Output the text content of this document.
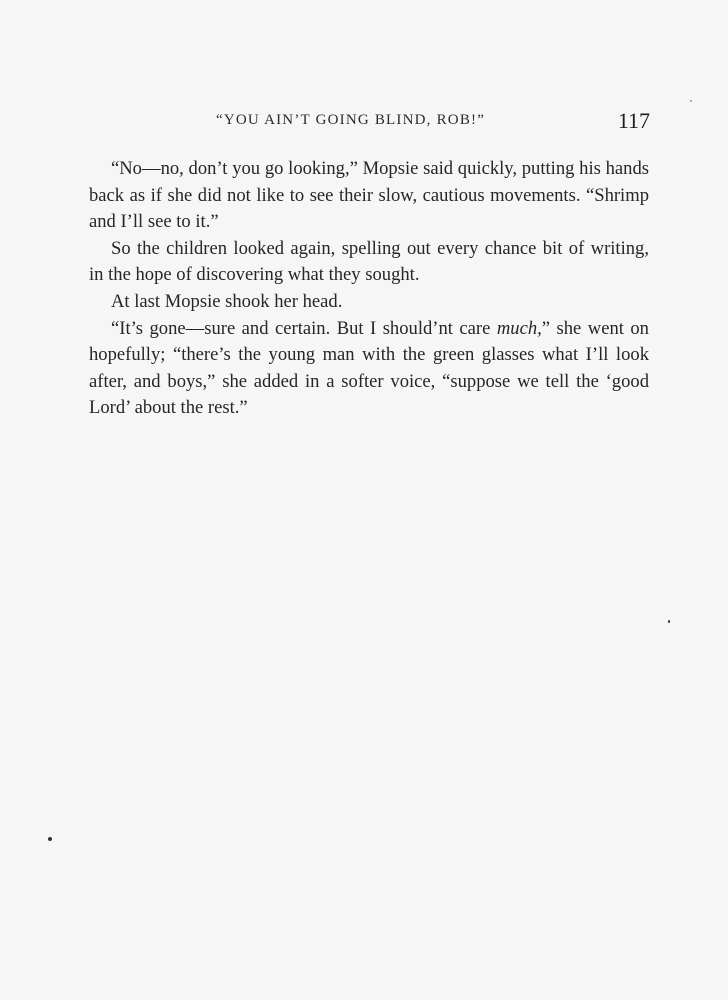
“YOU AIN’T GOING BLIND, ROB!”	117

“No—no, don’t you go looking,” Mopsie said quickly, putting his hands back as if she did not like to see their slow, cautious movements. “Shrimp and I’ll see to it.”

So the children looked again, spelling out every chance bit of writing, in the hope of discovering what they sought.

At last Mopsie shook her head.

“It’s gone—sure and certain. But I should’nt care much,” she went on hopefully; “there’s the young man with the green glasses what I’ll look after, and boys,” she added in a softer voice, “suppose we tell the ‘good Lord’ about the rest.”
